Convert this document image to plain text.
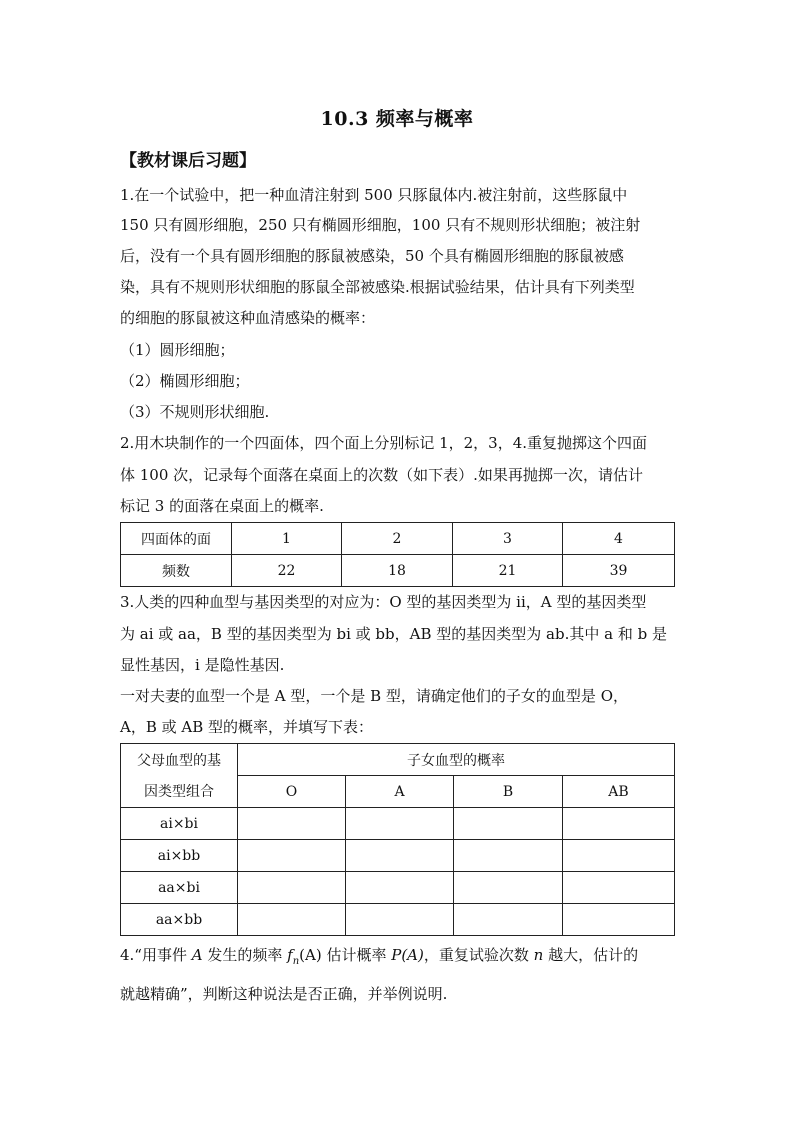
10.3 频率与概率
【教材课后习题】
1.在一个试验中，把一种血清注射到 500 只豚鼠体内.被注射前，这些豚鼠中
150 只有圆形细胞，250 只有椭圆形细胞，100 只有不规则形状细胞；被注射
后，没有一个具有圆形细胞的豚鼠被感染，50 个具有椭圆形细胞的豚鼠被感
染，具有不规则形状细胞的豚鼠全部被感染.根据试验结果，估计具有下列类型
的细胞的豚鼠被这种血清感染的概率：
（1）圆形细胞；
（2）椭圆形细胞；
（3）不规则形状细胞.
2.用木块制作的一个四面体，四个面上分别标记 1，2，3，4.重复抛掷这个四面
体 100 次，记录每个面落在桌面上的次数（如下表）.如果再抛掷一次，请估计
标记 3 的面落在桌面上的概率.
四面体的面	1	2	3	4
频数	22	18	21	39
3.人类的四种血型与基因类型的对应为：O 型的基因类型为 ii，A 型的基因类型
为 ai 或 aa，B 型的基因类型为 bi 或 bb，AB 型的基因类型为 ab.其中 a 和 b 是
显性基因，i 是隐性基因.
一对夫妻的血型一个是 A 型，一个是 B 型，请确定他们的子女的血型是 O，
A，B 或 AB 型的概率，并填写下表：
父母血型的基	子女血型的概率			
因类型组合	O	A	B	AB
ai×bi				
ai×bb				
aa×bi				
aa×bb				
4.“用事件 A 发生的频率 $f_n(A)$ 估计概率 P(A)，重复试验次数 n 越大，估计的
就越精确”，判断这种说法是否正确，并举例说明.
